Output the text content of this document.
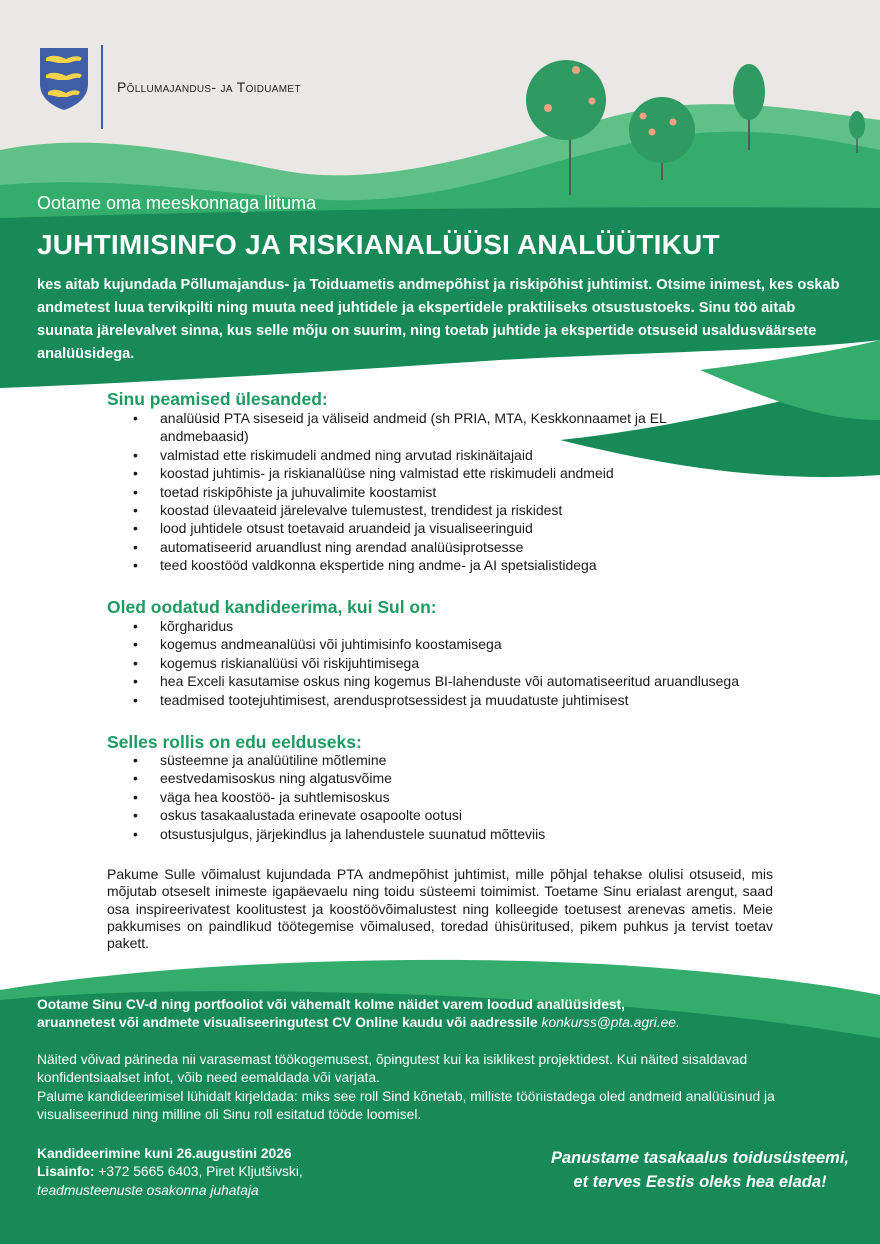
Põllumajandus- ja Toiduamet
Ootame oma meeskonnaga liituma
JUHTIMISINFO JA RISKIANALÜÜSI ANALÜÜTIKUT
kes aitab kujundada Põllumajandus- ja Toiduametis andmepõhist ja riskipõhist juhtimist. Otsime inimest, kes oskab andmetest luua tervikpilti ning muuta need juhtidele ja ekspertidele praktiliseks otsustustoeks. Sinu töö aitab suunata järelevalvet sinna, kus selle mõju on suurim, ning toetab juhtide ja ekspertide otsuseid usaldusväärsete analüüsidega.
Sinu peamised ülesanded:
• analüüsid PTA siseseid ja väliseid andmeid (sh PRIA, MTA, Keskkonnaamet ja EL andmebaasid)
• valmistad ette riskimudeli andmed ning arvutad riskinäitajaid
• koostad juhtimis- ja riskianalüüse ning valmistad ette riskimudeli andmeid
• toetad riskipõhiste ja juhuvalimite koostamist
• koostad ülevaateid järelevalve tulemustest, trendidest ja riskidest
• lood juhtidele otsust toetavaid aruandeid ja visualiseeringuid
• automatiseerid aruandlust ning arendad analüüsiprotsesse
• teed koostööd valdkonna ekspertide ning andme- ja AI spetsialistidega
Oled oodatud kandideerima, kui Sul on:
• kõrgharidus
• kogemus andmeanalüüsi või juhtimisinfo koostamisega
• kogemus riskianalüüsi või riskijuhtimisega
• hea Exceli kasutamise oskus ning kogemus BI-lahenduste või automatiseeritud aruandlusega
• teadmised tootejuhtimisest, arendusprotsessidest ja muudatuste juhtimisest
Selles rollis on edu eelduseks:
• süsteemne ja analüütiline mõtlemine
• eestvedamisoskus ning algatusvõime
• väga hea koostöö- ja suhtlemisoskus
• oskus tasakaalustada erinevate osapoolte ootusi
• otsustusjulgus, järjekindlus ja lahendustele suunatud mõtteviis
Pakume Sulle võimalust kujundada PTA andmepõhist juhtimist, mille põhjal tehakse olulisi otsuseid, mis mõjutab otseselt inimeste igapäevaelu ning toidu süsteemi toimimist. Toetame Sinu erialast arengut, saad osa inspireerivatest koolitustest ja koostöövõimalustest ning kolleegide toetusest arenevas ametis. Meie pakkumises on paindlikud töötegemise võimalused, toredad ühisüritused, pikem puhkus ja tervist toetav pakett.
Ootame Sinu CV-d ning portfooliot või vähemalt kolme näidet varem loodud analüüsidest,
aruannetest või andmete visualiseeringutest CV Online kaudu või aadressile konkurss@pta.agri.ee.
Näited võivad pärineda nii varasemast töökogemusest, õpingutest kui ka isiklikest projektidest. Kui näited sisaldavad konfidentsiaalset infot, võib need eemaldada või varjata.
Palume kandideerimisel lühidalt kirjeldada: miks see roll Sind kõnetab, milliste tööriistadega oled andmeid analüüsinud ja visualiseerinud ning milline oli Sinu roll esitatud tööde loomisel.
Kandideerimine kuni 26.augustini 2026
Lisainfo: +372 5665 6403, Piret Kljutšivski,
teadmusteenuste osakonna juhataja
Panustame tasakaalus toidusüsteemi,
et terves Eestis oleks hea elada!
